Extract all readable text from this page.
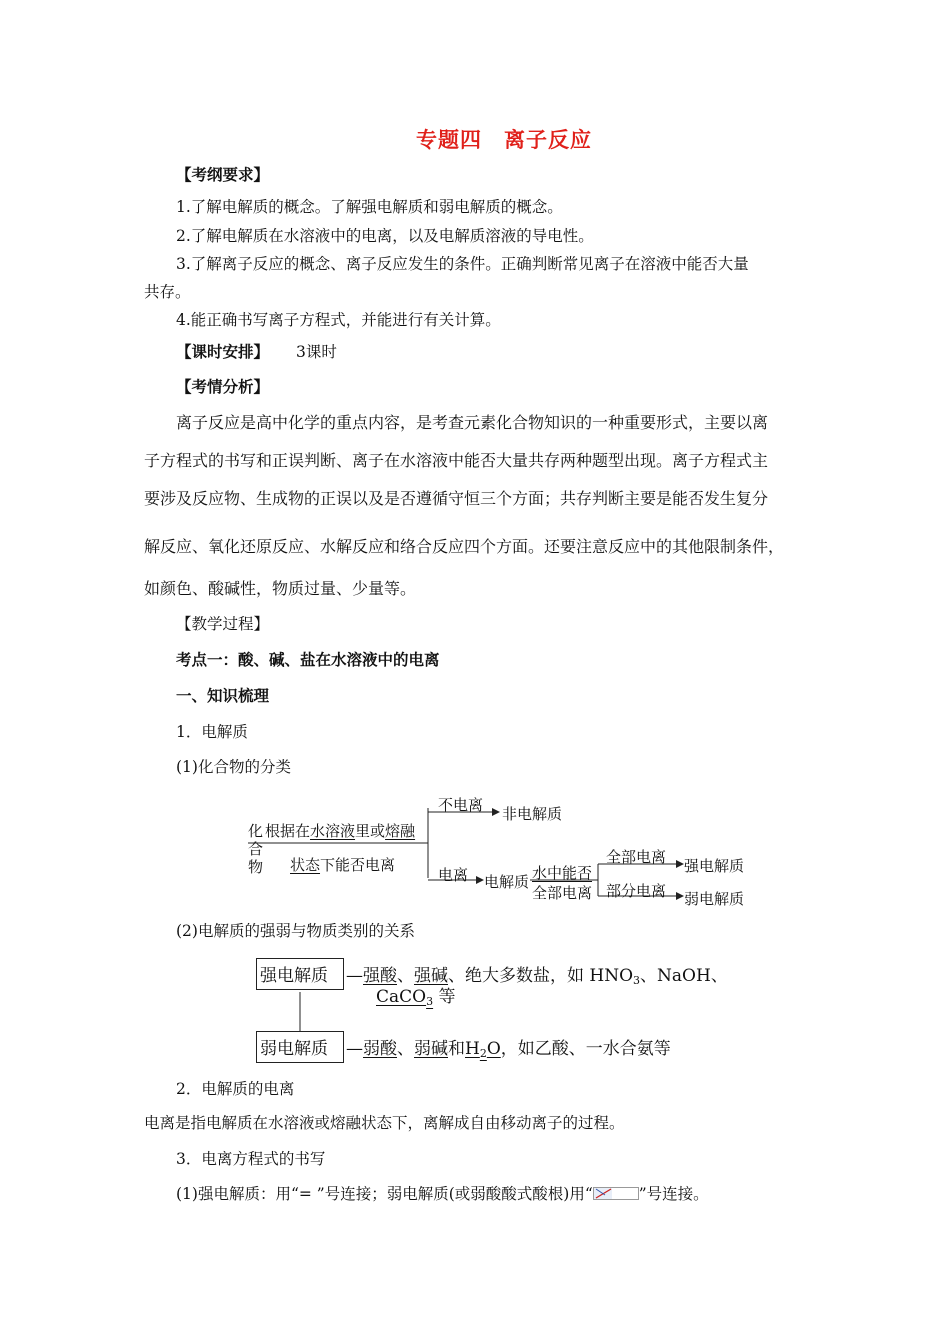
专题四　离子反应
【考纲要求】
1.了解电解质的概念。了解强电解质和弱电解质的概念。
2.了解电解质在水溶液中的电离，以及电解质溶液的导电性。
3.了解离子反应的概念、离子反应发生的条件。正确判断常见离子在溶液中能否大量
共存。
4.能正确书写离子方程式，并能进行有关计算。
【课时安排】 3课时
【考情分析】
离子反应是高中化学的重点内容，是考查元素化合物知识的一种重要形式，主要以离
子方程式的书写和正误判断、离子在水溶液中能否大量共存两种题型出现。离子方程式主
要涉及反应物、生成物的正误以及是否遵循守恒三个方面；共存判断主要是能否发生复分
解反应、氧化还原反应、水解反应和络合反应四个方面。还要注意反应中的其他限制条件，
如颜色、酸碱性，物质过量、少量等。
【教学过程】
考点一：酸、碱、盐在水溶液中的电离
一、知识梳理
1．电解质
(1)化合物的分类
化
合
物
根据在水溶液里或熔融
状态下能否电离
不电离 非电解质
电离 电解质 水中能否
全部电离
全部电离
部分电离
强电解质
弱电解质
(2)电解质的强弱与物质类别的关系
强电解质 —强酸、强碱、绝大多数盐，如 $HNO_3$、NaOH、
CaCO$_3$ 等
弱电解质 —弱酸、弱碱和$H_2O$，如乙酸、一水合氨等
2．电解质的电离
电离是指电解质在水溶液或熔融状态下，离解成自由移动离子的过程。
3．电离方程式的书写
(1)强电解质：用“= ”号连接；弱电解质(或弱酸酸式酸根)用“	”号连接。
